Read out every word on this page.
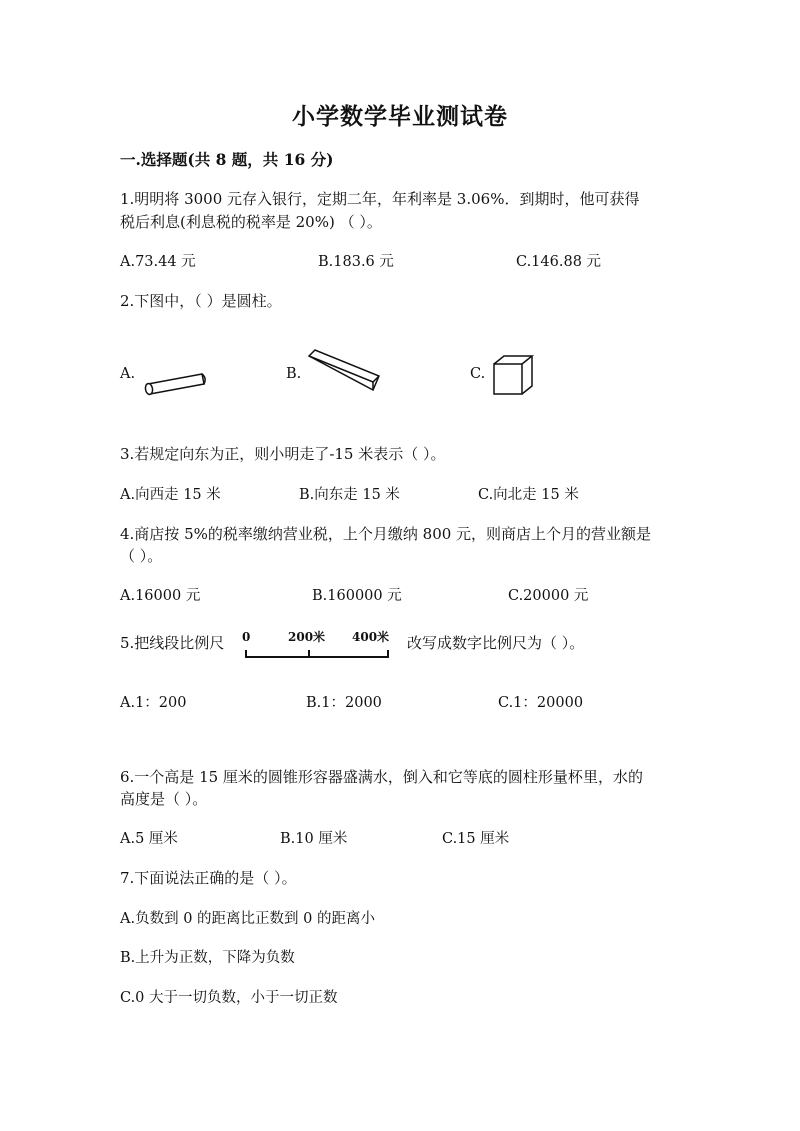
小学数学毕业测试卷
一.选择题(共 8 题，共 16 分)
1.明明将 3000 元存入银行，定期二年，年利率是 3.06%．到期时，他可获得
税后利息(利息税的税率是 20%) （ ）。
A.73.44 元	B.183.6 元	C.146.88 元
2.下图中，（ ）是圆柱。
A.	B.	C.
3.若规定向东为正，则小明走了-15 米表示（ ）。
A.向西走 15 米	B.向东走 15 米	C.向北走 15 米
4.商店按 5%的税率缴纳营业税，上个月缴纳 800 元，则商店上个月的营业额是
（ ）。
A.16000 元	B.160000 元	C.20000 元
5.把线段比例尺 0	200米 400米 改写成数字比例尺为（ ）。
A.1：200	B.1：2000	C.1：20000
6.一个高是 15 厘米的圆锥形容器盛满水，倒入和它等底的圆柱形量杯里，水的
高度是（ ）。
A.5 厘米	B.10 厘米	C.15 厘米
7.下面说法正确的是（ ）。
A.负数到 0 的距离比正数到 0 的距离小
B.上升为正数，下降为负数
C.0 大于一切负数，小于一切正数
